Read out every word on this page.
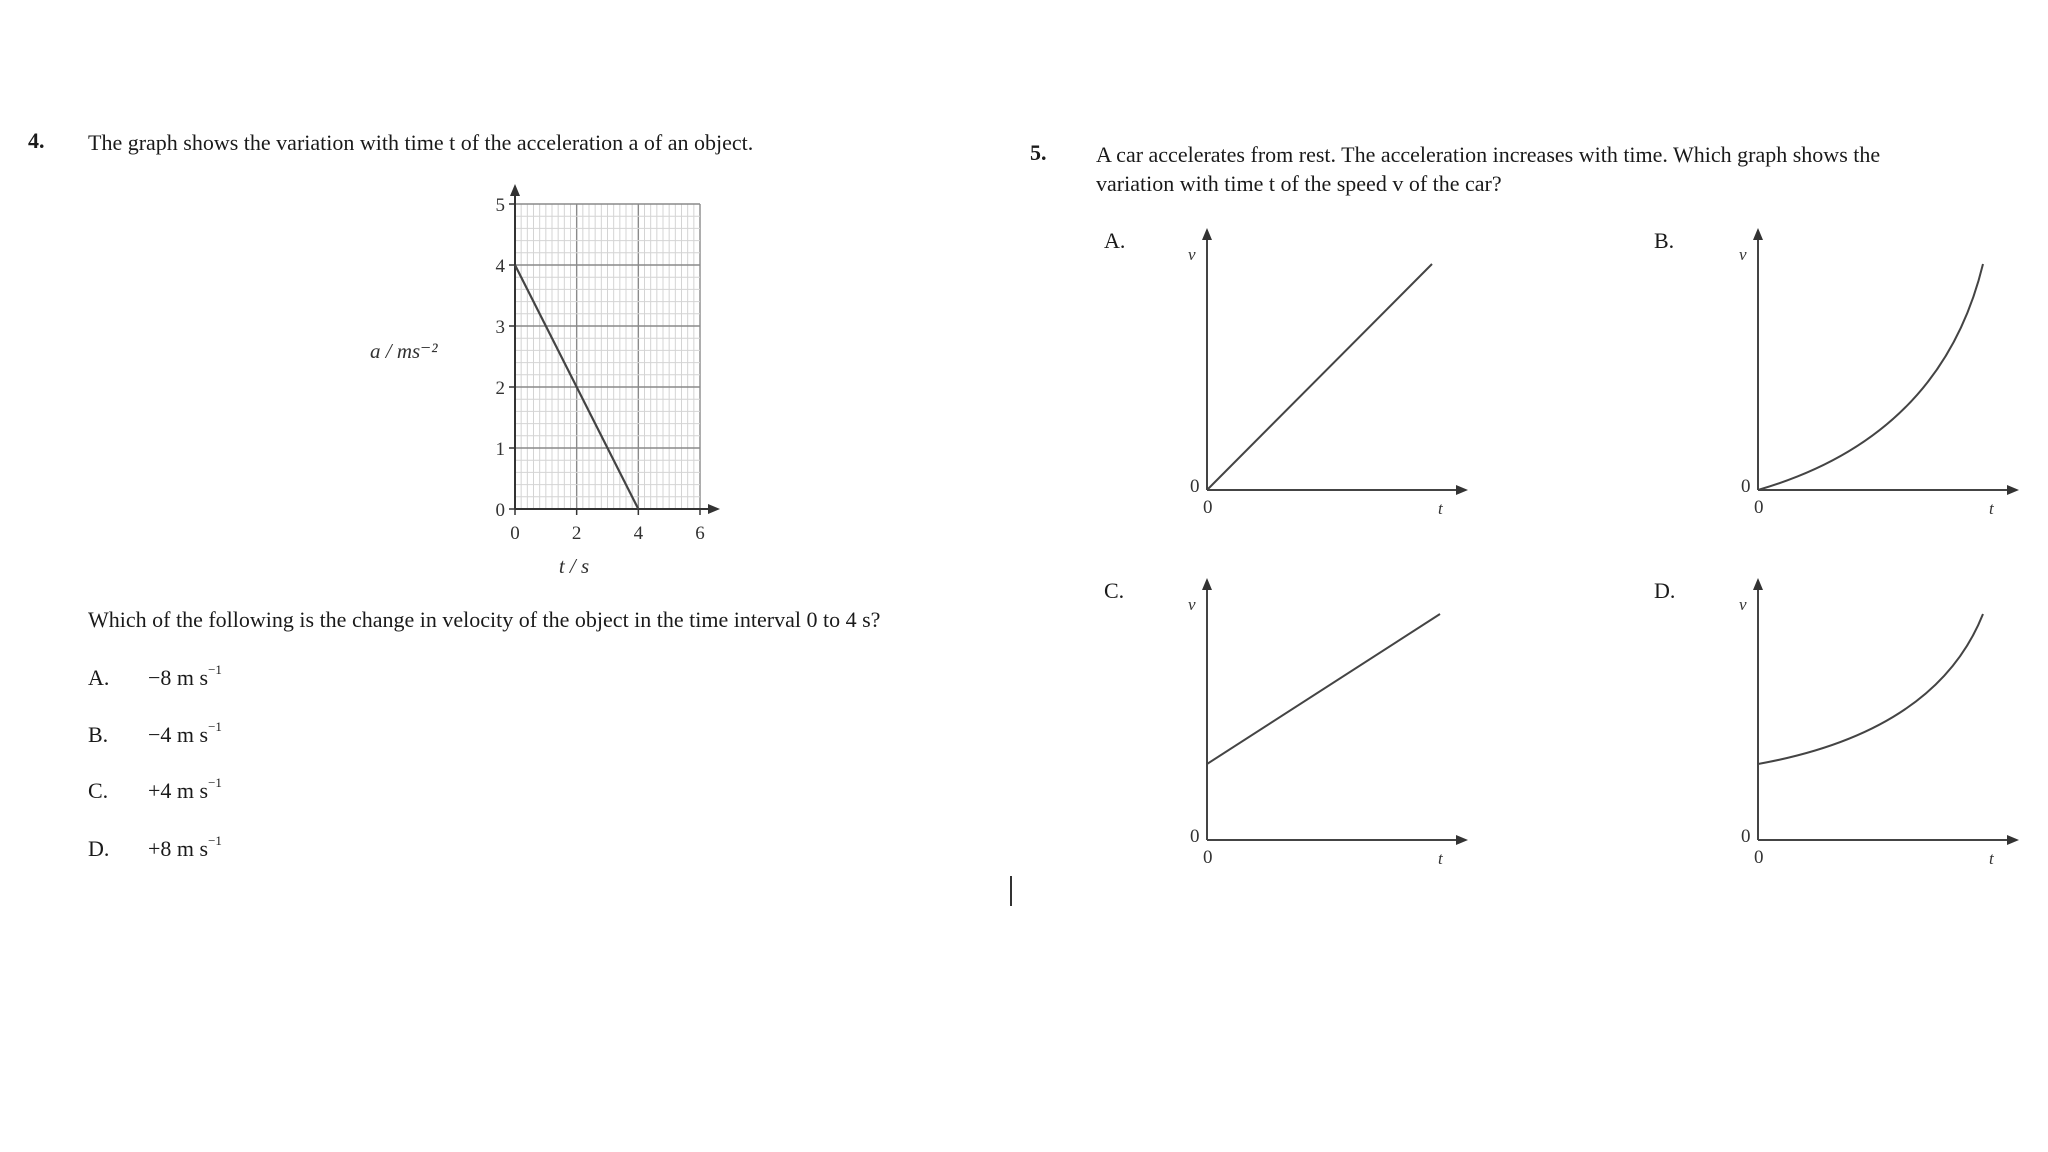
4. The graph shows the variation with time t of the acceleration a of an object.
0
1
2
3
4
5
0	2	4	6
a / ms⁻²
t / s
Which of the following is the change in velocity of the object in the time interval 0 to 4 s?
A. −8 m $s^{-1}$
B. −4 m $s^{-1}$
C. +4 m $s^{-1}$
D. +8 m $s^{-1}$
5. A car accelerates from rest. The acceleration increases with time. Which graph shows the
variation with time t of the speed v of the car?
A.
v
t
0
0
B.
v
t
0
0
C.
v
t
0
0
D.
v
t
0
0
